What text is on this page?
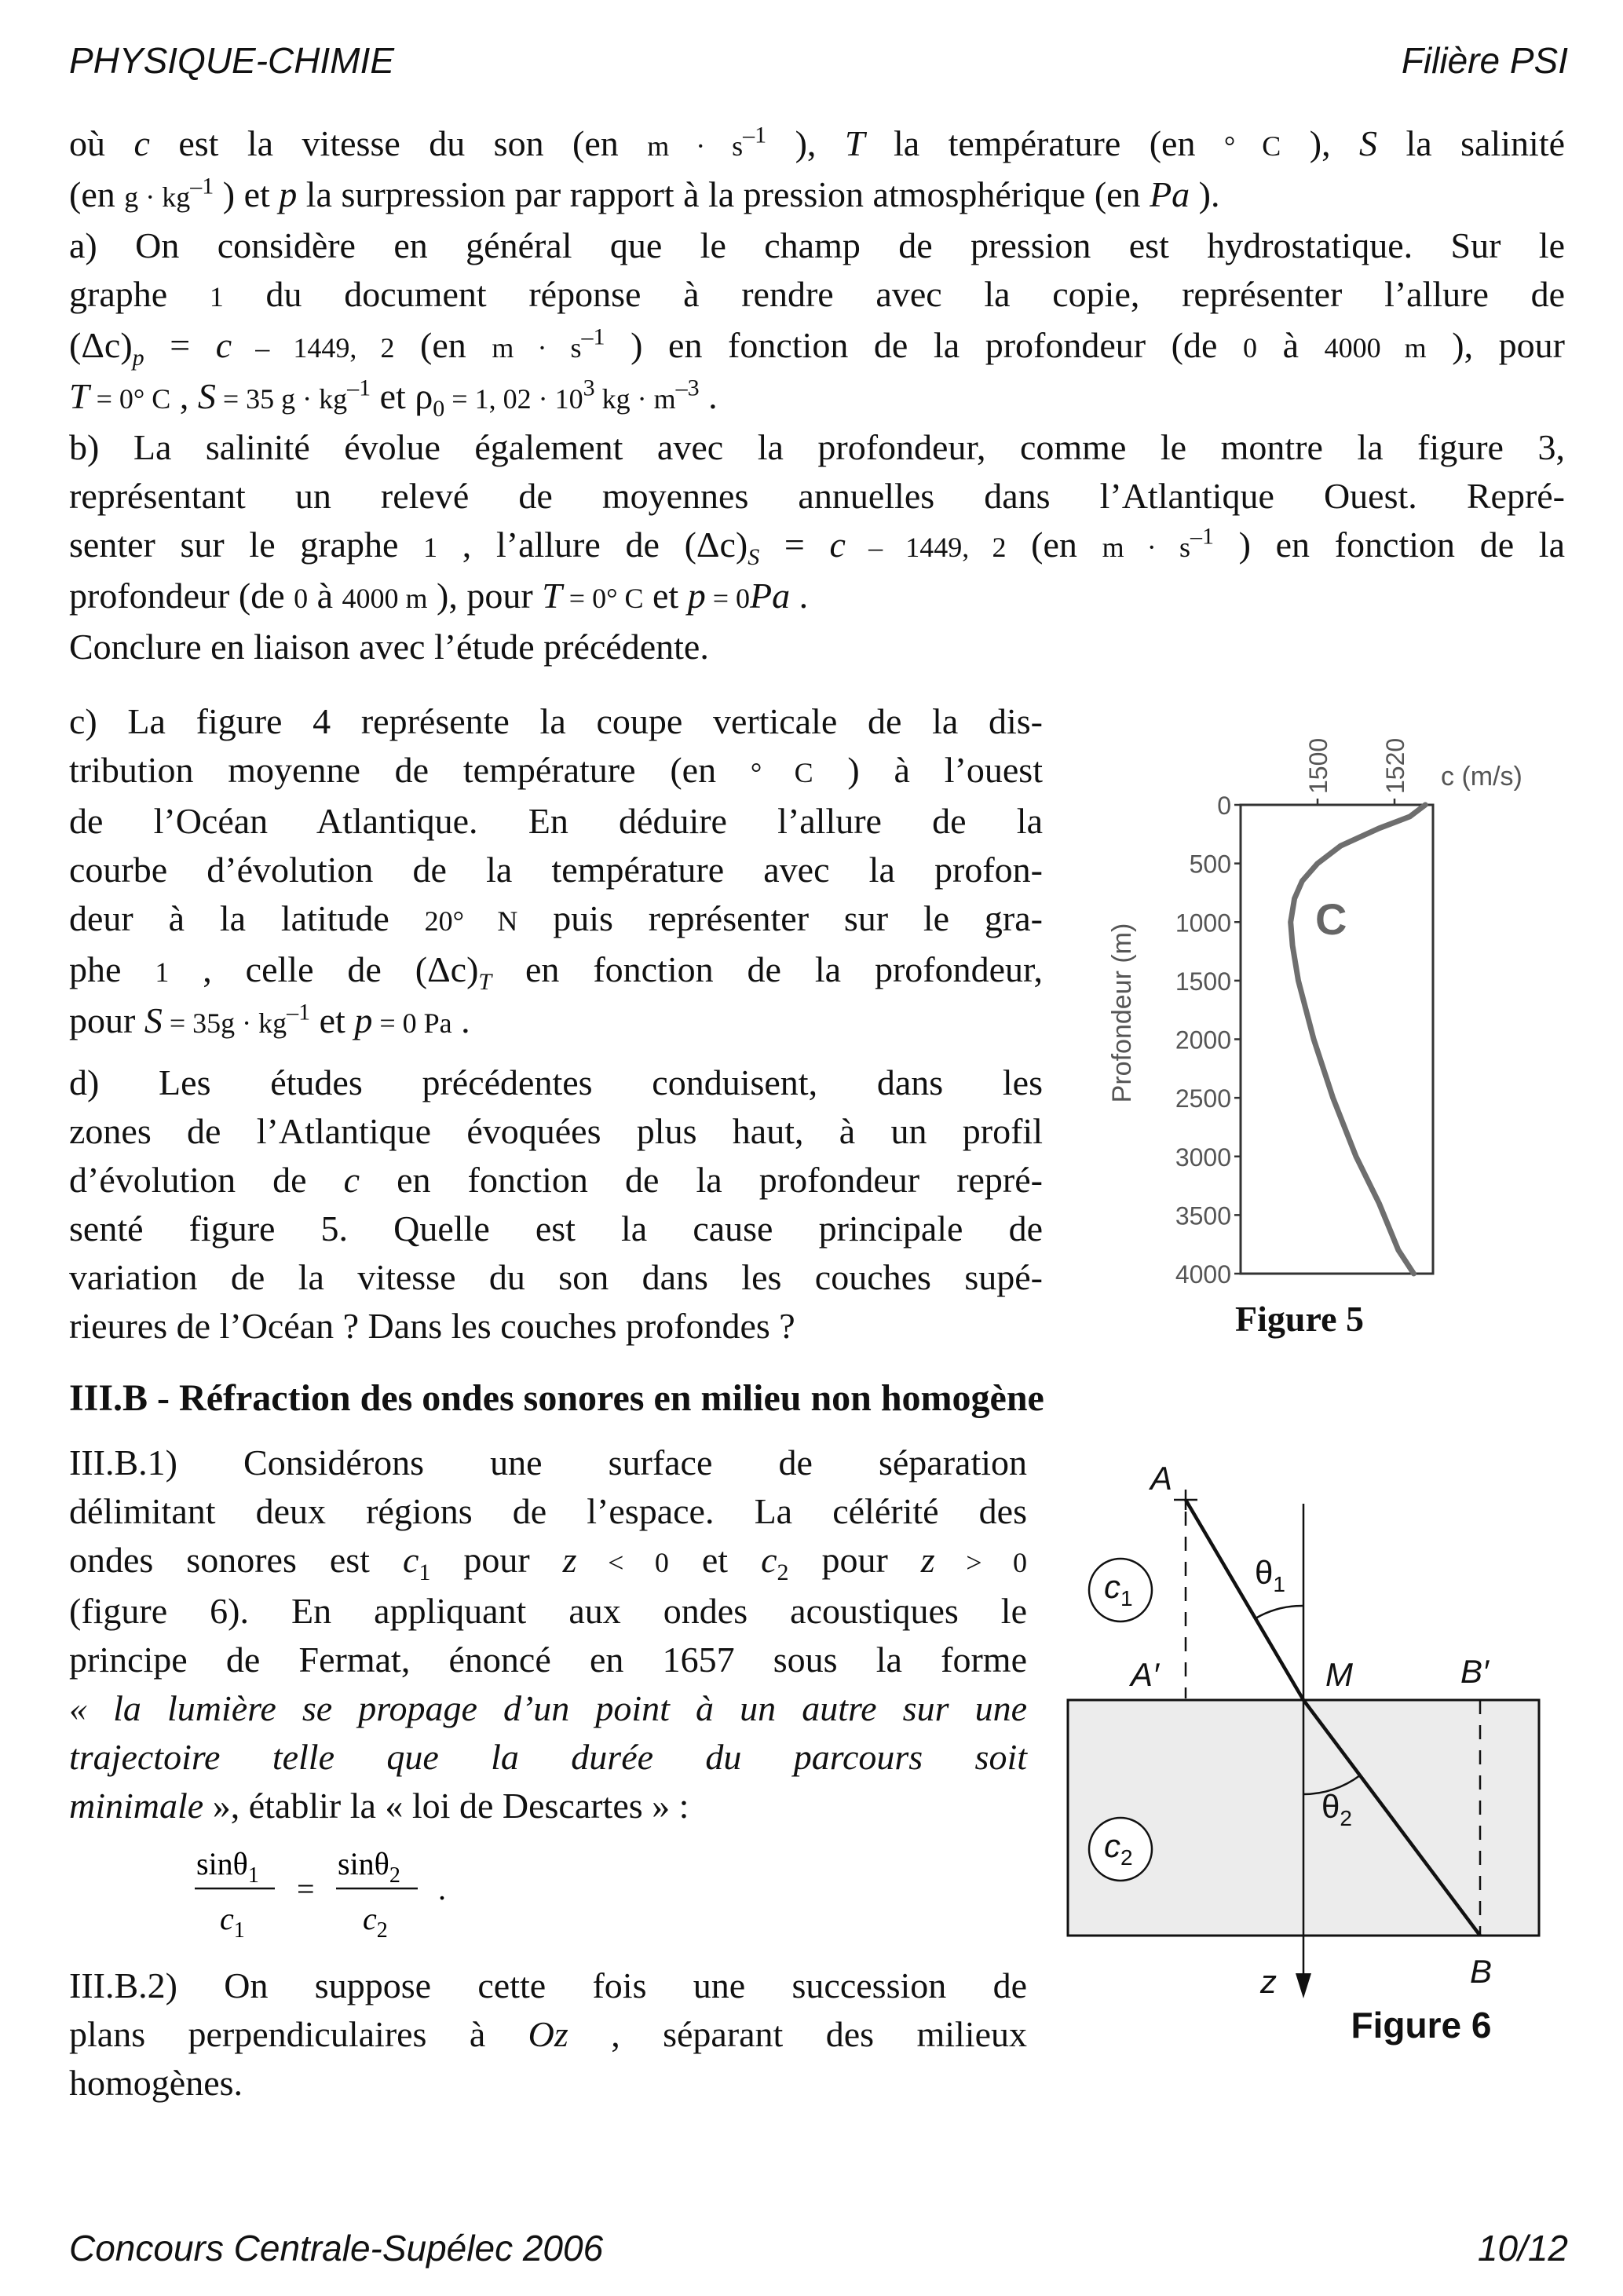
PHYSIQUE-CHIMIE	Filière PSI

où c est la vitesse du son (en $m \cdot s^{-1}$ ), T la température (en ° C ), S la salinité

(en $g \cdot kg^{-1}$ ) et p la surpression par rapport à la pression atmosphérique (en Pa ).

a) On considère en général que le champ de pression est hydrostatique. Sur le

graphe 1 du document réponse à rendre avec la copie, représenter l’allure de

$(\Delta c)_p = c - 1449$, 2 (en $m \cdot s^{-1}$ ) en fonction de la profondeur (de 0 à 4000 m ), pour

T = 0° C , S = 35 $g \cdot kg^{-1}$ et $\rho_0 = 1$, $02 \cdot 10^3$ kg · $m^{-3}$ .

b) La salinité évolue également avec la profondeur, comme le montre la figure 3,

représentant un relevé de moyennes annuelles dans l’Atlantique Ouest. Repré-

senter sur le graphe 1 , l’allure de $(\Delta c)_S = c - 1449$, 2 (en $m \cdot s^{-1}$ ) en fonction de la

profondeur (de 0 à 4000 m ), pour T = 0° C et p = 0Pa .

Conclure en liaison avec l’étude précédente.

c) La figure 4 représente la coupe verticale de la dis-

tribution moyenne de température (en ° C ) à l’ouest

de l’Océan Atlantique. En déduire l’allure de la

courbe d’évolution de la température avec la profon-

deur à la latitude 20° N puis représenter sur le gra-

phe 1 , celle de $(\Delta c)_T$ en fonction de la profondeur,

pour $S = 35g \cdot kg^{-1}$ et p = 0 Pa .

d) Les études précédentes conduisent, dans les

zones de l’Atlantique évoquées plus haut, à un profil

d’évolution de c en fonction de la profondeur repré-

senté figure 5. Quelle est la cause principale de

variation de la vitesse du son dans les couches supé-

rieures de l’Océan ? Dans les couches profondes ?

Profondeur (m)
c (m/s)
C
Figure 5
0
500
1000
1500
2000
2500
3000
3500
4000
1500 1520
III.B - Réfraction des ondes sonores en milieu non homogène

III.B.1) Considérons une surface de séparation

délimitant deux régions de l’espace. La célérité des

ondes sonores est $c_1$ pour z < 0 et $c_2$ pour z > 0

(figure 6). En appliquant aux ondes acoustiques le

principe de Fermat, énoncé en 1657 sous la forme

« la lumière se propage d’un point à un autre sur une

trajectoire telle que la durée du parcours soit

minimale », établir la « loi de Descartes » :

sinθ$_1$
$c_1$
=
sinθ$_2$
$c_2$
.

III.B.2) On suppose cette fois une succession de

plans perpendiculaires à Oz , séparant des milieux

homogènes.

A
A′	M	B′
B
z
$\theta_1$
$\theta_2$
$c_1$
$c_2$
Figure 6
Concours Centrale-Supélec 2006	10/12
